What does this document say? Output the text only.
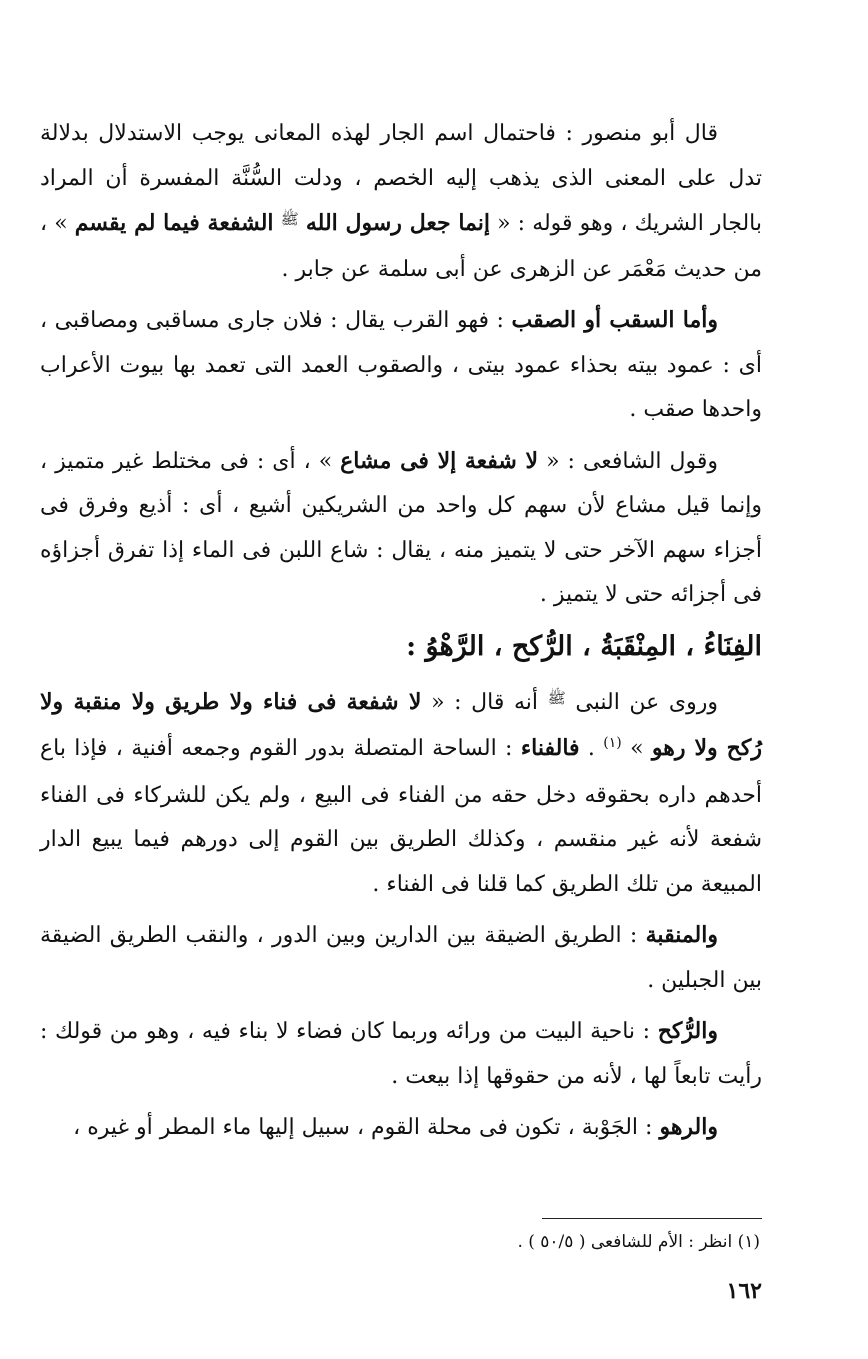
قال أبو منصور : فاحتمال اسم الجار لهذه المعانى يوجب الاستدلال بدلالة تدل على المعنى الذى يذهب إليه الخصم ، ودلت السُّنَّة المفسرة أن المراد بالجار الشريك ، وهو قوله : « إنما جعل رسول الله $^ﷺ$ الشفعة فيما لم يقسم » ، من حديث مَعْمَر عن الزهرى عن أبى سلمة عن جابر .

وأما السقب أو الصقب : فهو القرب يقال : فلان جارى مساقبى ومصاقبى ، أى : عمود بيته بحذاء عمود بيتى ، والصقوب العمد التى تعمد بها بيوت الأعراب واحدها صقب .

وقول الشافعى : « لا شفعة إلا فى مشاع » ، أى : فى مختلط غير متميز ، وإنما قيل مشاع لأن سهم كل واحد من الشريكين أشيع ، أى : أذيع وفرق فى أجزاء سهم الآخر حتى لا يتميز منه ، يقال : شاع اللبن فى الماء إذا تفرق أجزاؤه فى أجزائه حتى لا يتميز .

الفِنَاءُ ، المِنْقَبَةُ ، الرُّكح ، الرَّهْوُ :

وروى عن النبى $^ﷺ$ أنه قال : « لا شفعة فى فناء ولا طريق ولا منقبة ولا رُكح ولا رهو » $^{(١)}$ . فالفناء : الساحة المتصلة بدور القوم وجمعه أفنية ، فإذا باع أحدهم داره بحقوقه دخل حقه من الفناء فى البيع ، ولم يكن للشركاء فى الفناء شفعة لأنه غير منقسم ، وكذلك الطريق بين القوم إلى دورهم فيما يبيع الدار المبيعة من تلك الطريق كما قلنا فى الفناء .

والمنقبة : الطريق الضيقة بين الدارين وبين الدور ، والنقب الطريق الضيقة بين الجبلين .

والرُّكح : ناحية البيت من ورائه وربما كان فضاء لا بناء فيه ، وهو من قولك : رأيت تابعاً لها ، لأنه من حقوقها إذا بيعت .

والرهو : الجَوْبة ، تكون فى محلة القوم ، سبيل إليها ماء المطر أو غيره ،

(١) انظر : الأم للشافعى ( ٥٠/٥ ) .
١٦٢
